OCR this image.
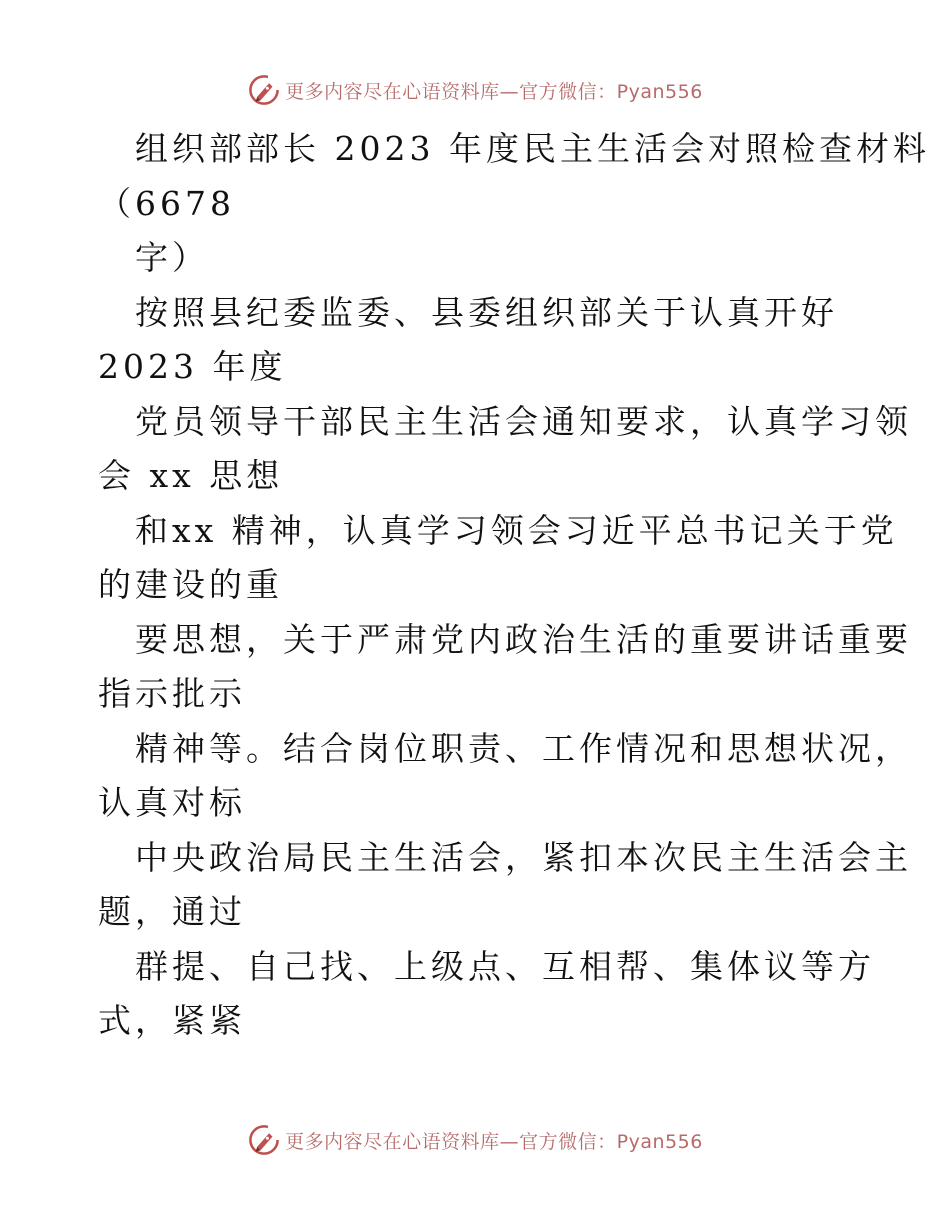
更多内容尽在心语资料库—官方微信：Pyan556
组织部部长 2023 年度民主生活会对照检查材料
（6678
字）
按照县纪委监委、县委组织部关于认真开好
2023 年度
党员领导干部民主生活会通知要求，认真学习领
会 xx 思想
和xx 精神，认真学习领会习近平总书记关于党
的建设的重
要思想，关于严肃党内政治生活的重要讲话重要
指示批示
精神等。结合岗位职责、工作情况和思想状况，
认真对标
中央政治局民主生活会，紧扣本次民主生活会主
题，通过
群提、自己找、上级点、互相帮、集体议等方
式，紧紧
更多内容尽在心语资料库—官方微信：Pyan556
